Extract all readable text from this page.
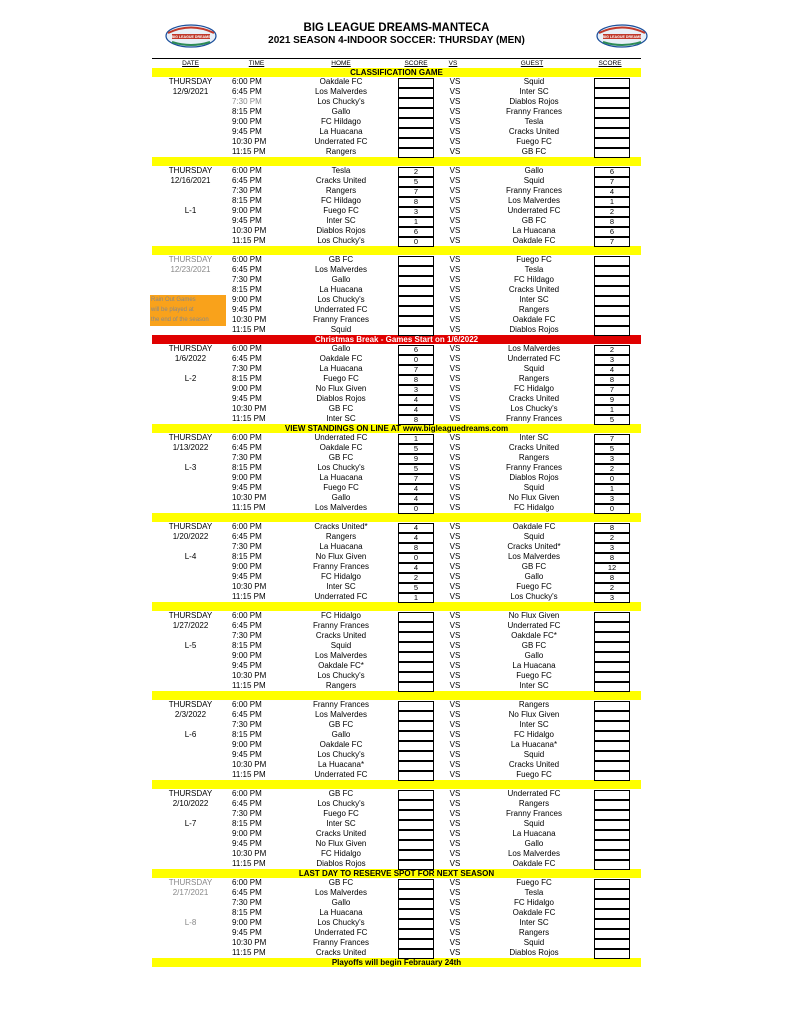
BIG LEAGUE DREAMS
BIG LEAGUE DREAMS-MANTECA
2021 SEASON 4-INDOOR SOCCER: THURSDAY (MEN)	BIG LEAGUE DREAMS
DATE	TIME	HOME	SCORE	VS	GUEST	SCORE
CLASSIFICATION GAME
THURSDAY	6:00 PM	Oakdale FC	VS	Squid
12/9/2021	6:45 PM	Los Malverdes	VS	Inter SC
7:30 PM	Los Chucky's	VS	Diablos Rojos
8:15 PM	Gallo	VS	Franny Frances
9:00 PM	FC Hildago	VS	Tesla
9:45 PM	La Huacana	VS	Cracks United
10:30 PM	Underrated FC	VS	Fuego FC
11:15 PM	Rangers	VS	GB FC
THURSDAY	6:00 PM	Tesla	2	VS	Gallo	6
12/16/2021	6:45 PM	Cracks United	5	VS	Squid	7
7:30 PM	Rangers	7	VS	Franny Frances	4
8:15 PM	FC Hildago	8	VS	Los Malverdes	1
L-1	9:00 PM	Fuego FC	3	VS	Underrated FC	2
9:45 PM	Inter SC	1	VS	GB FC	8
10:30 PM	Diablos Rojos	6	VS	La Huacana	6
11:15 PM	Los Chucky's	0	VS	Oakdale FC	7
THURSDAY	6:00 PM	GB FC	VS	Fuego FC
12/23/2021	6:45 PM	Los Malverdes	VS	Tesla
7:30 PM	Gallo	VS	FC Hildago
8:15 PM	La Huacana	VS	Cracks United
Rain Out Games	9:00 PM	Los Chucky's	VS	Inter SC
will be played at	9:45 PM	Underrated FC	VS	Rangers
the end of the season	10:30 PM	Franny Frances	VS	Oakdale FC
11:15 PM	Squid	VS	Diablos Rojos
Christmas Break - Games Start on 1/6/2022
THURSDAY	6:00 PM	Gallo	6	VS	Los Malverdes	2
1/6/2022	6:45 PM	Oakdale FC	0	VS	Underrated FC	3
7:30 PM	La Huacana	7	VS	Squid	4
L-2	8:15 PM	Fuego FC	8	VS	Rangers	8
9:00 PM	No Flux Given	3	VS	FC Hidalgo	7
9:45 PM	Diablos Rojos	4	VS	Cracks United	9
10:30 PM	GB FC	4	VS	Los Chucky's	1
11:15 PM	Inter SC	8	VS	Franny Frances	5
VIEW STANDINGS ON LINE AT www.bigleaguedreams.com
THURSDAY	6:00 PM	Underrated FC	1	VS	Inter SC	7
1/13/2022	6:45 PM	Oakdale FC	5	VS	Cracks United	5
7:30 PM	GB FC	9	VS	Rangers	3
L-3	8:15 PM	Los Chucky's	5	VS	Franny Frances	2
9:00 PM	La Huacana	7	VS	Diablos Rojos	0
9:45 PM	Fuego FC	4	VS	Squid	1
10:30 PM	Gallo	4	VS	No Flux Given	3
11:15 PM	Los Malverdes	0	VS	FC Hidalgo	0
THURSDAY	6:00 PM	Cracks United*	4	VS	Oakdale FC	8
1/20/2022	6:45 PM	Rangers	4	VS	Squid	2
7:30 PM	La Huacana	8	VS	Cracks United*	3
L-4	8:15 PM	No Flux Given	0	VS	Los Malverdes	8
9:00 PM	Franny Frances	4	VS	GB FC	12
9:45 PM	FC Hidalgo	2	VS	Gallo	8
10:30 PM	Inter SC	5	VS	Fuego FC	2
11:15 PM	Underrated FC	1	VS	Los Chucky's	3
THURSDAY	6:00 PM	FC Hidalgo	VS	No Flux Given
1/27/2022	6:45 PM	Franny Frances	VS	Underrated FC
7:30 PM	Cracks United	VS	Oakdale FC*
L-5	8:15 PM	Squid	VS	GB FC
9:00 PM	Los Malverdes	VS	Gallo
9:45 PM	Oakdale FC*	VS	La Huacana
10:30 PM	Los Chucky's	VS	Fuego FC
11:15 PM	Rangers	VS	Inter SC
THURSDAY	6:00 PM	Franny Frances	VS	Rangers
2/3/2022	6:45 PM	Los Malverdes	VS	No Flux Given
7:30 PM	GB FC	VS	Inter SC
L-6	8:15 PM	Gallo	VS	FC Hidalgo
9:00 PM	Oakdale FC	VS	La Huacana*
9:45 PM	Los Chucky's	VS	Squid
10:30 PM	La Huacana*	VS	Cracks United
11:15 PM	Underrated FC	VS	Fuego FC
THURSDAY	6:00 PM	GB FC	VS	Underrated FC
2/10/2022	6:45 PM	Los Chucky's	VS	Rangers
7:30 PM	Fuego FC	VS	Franny Frances
L-7	8:15 PM	Inter SC	VS	Squid
9:00 PM	Cracks United	VS	La Huacana
9:45 PM	No Flux Given	VS	Gallo
10:30 PM	FC Hidalgo	VS	Los Malverdes
11:15 PM	Diablos Rojos	VS	Oakdale FC
LAST DAY TO RESERVE SPOT FOR NEXT SEASON
THURSDAY	6:00 PM	GB FC	VS	Fuego FC
2/17/2021	6:45 PM	Los Malverdes	VS	Tesla
7:30 PM	Gallo	VS	FC Hidalgo
8:15 PM	La Huacana	VS	Oakdale FC
L-8	9:00 PM	Los Chucky's	VS	Inter SC
9:45 PM	Underrated FC	VS	Rangers
10:30 PM	Franny Frances	VS	Squid
11:15 PM	Cracks United	VS	Diablos Rojos
Playoffs will begin Febrauary 24th
